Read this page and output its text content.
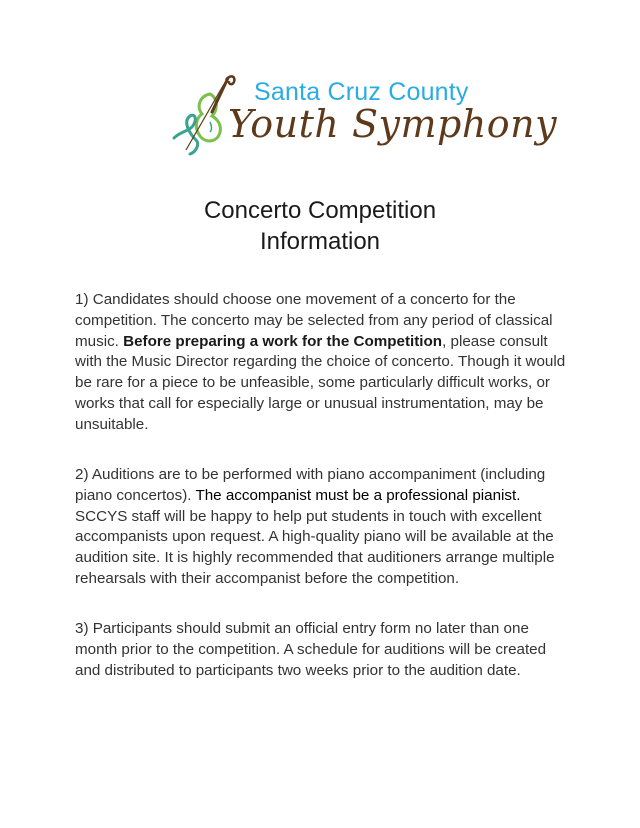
Santa Cruz County
Youth Symphony
Concerto Competition
Information

1) Candidates should choose one movement of a concerto for the competition. The concerto may be selected from any period of classical music. Before preparing a work for the Competition, please consult with the Music Director regarding the choice of concerto. Though it would be rare for a piece to be unfeasible, some particularly difficult works, or works that call for especially large or unusual instrumentation, may be unsuitable.

2) Auditions are to be performed with piano accompaniment (including piano concertos). The accompanist must be a professional pianist. SCCYS staff will be happy to help put students in touch with excellent accompanists upon request. A high-quality piano will be available at the audition site. It is highly recommended that auditioners arrange multiple rehearsals with their accompanist before the competition.

3) Participants should submit an official entry form no later than one month prior to the competition. A schedule for auditions will be created and distributed to participants two weeks prior to the audition date.
